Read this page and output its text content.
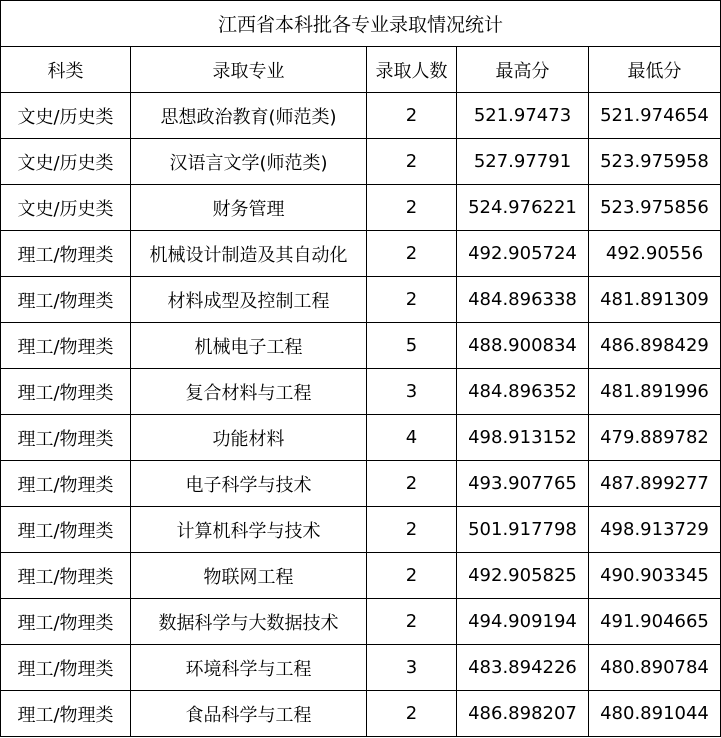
江西省本科批各专业录取情况统计				
科类	录取专业	录取人数	最高分	最低分
文史/历史类	思想政治教育(师范类)	2	521.97473	521.974654
文史/历史类	汉语言文学(师范类)	2	527.97791	523.975958
文史/历史类	财务管理	2	524.976221	523.975856
理工/物理类	机械设计制造及其自动化	2	492.905724	492.90556
理工/物理类	材料成型及控制工程	2	484.896338	481.891309
理工/物理类	机械电子工程	5	488.900834	486.898429
理工/物理类	复合材料与工程	3	484.896352	481.891996
理工/物理类	功能材料	4	498.913152	479.889782
理工/物理类	电子科学与技术	2	493.907765	487.899277
理工/物理类	计算机科学与技术	2	501.917798	498.913729
理工/物理类	物联网工程	2	492.905825	490.903345
理工/物理类	数据科学与大数据技术	2	494.909194	491.904665
理工/物理类	环境科学与工程	3	483.894226	480.890784
理工/物理类	食品科学与工程	2	486.898207	480.891044
